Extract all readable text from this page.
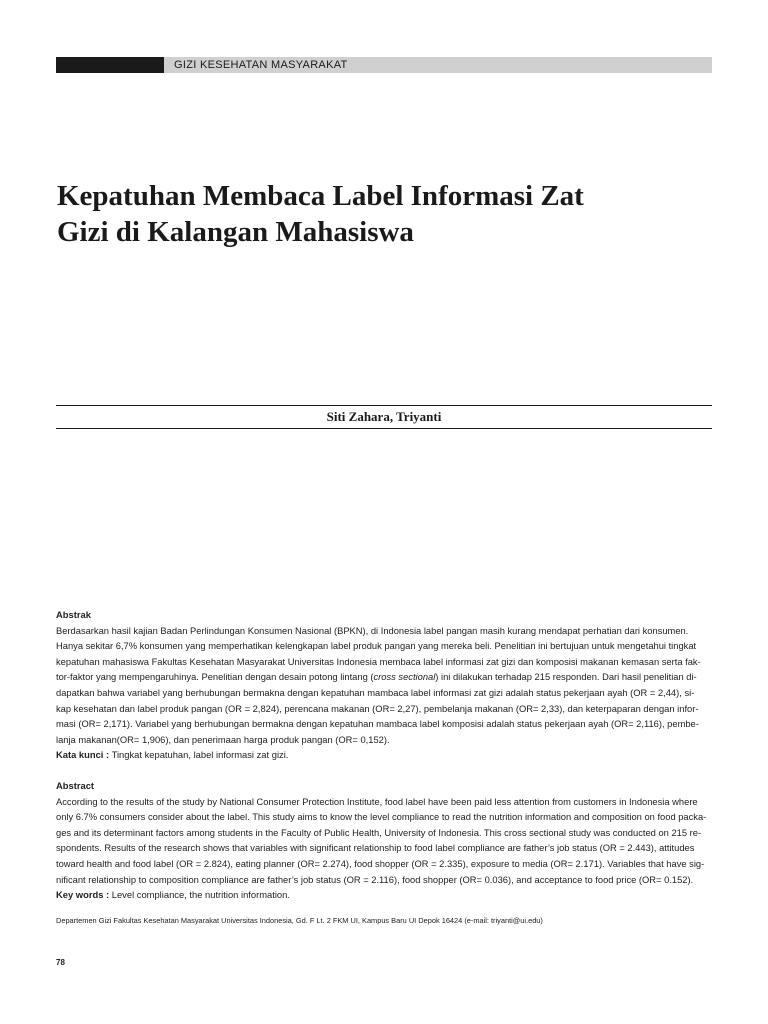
GIZI KESEHATAN MASYARAKAT
Kepatuhan Membaca Label Informasi Zat
Gizi di Kalangan Mahasiswa
Siti Zahara, Triyanti
Abstrak
Berdasarkan hasil kajian Badan Perlindungan Konsumen Nasional (BPKN), di Indonesia label pangan masih kurang mendapat perhatian dari konsumen.
Hanya sekitar 6,7% konsumen yang memperhatikan kelengkapan label produk pangan yang mereka beli. Penelitian ini bertujuan untuk mengetahui tingkat
kepatuhan mahasiswa Fakultas Kesehatan Masyarakat Universitas Indonesia membaca label informasi zat gizi dan komposisi makanan kemasan serta fak-
tor-faktor yang mempengaruhinya. Penelitian dengan desain potong lintang (cross sectional) ini dilakukan terhadap 215 responden. Dari hasil penelitian di-
dapatkan bahwa variabel yang berhubungan bermakna dengan kepatuhan mambaca label informasi zat gizi adalah status pekerjaan ayah (OR = 2,44), si-
kap kesehatan dan label produk pangan (OR = 2,824), perencana makanan (OR= 2,27), pembelanja makanan (OR= 2,33), dan keterpaparan dengan infor-
masi (OR= 2,171). Variabel yang berhubungan bermakna dengan kepatuhan mambaca label komposisi adalah status pekerjaan ayah (OR= 2,116), pembe-
lanja makanan(OR= 1,906), dan penerimaan harga produk pangan (OR= 0,152).
Kata kunci : Tingkat kepatuhan, label informasi zat gizi.
Abstract
According to the results of the study by National Consumer Protection Institute, food label have been paid less attention from customers in Indonesia where
only 6.7% consumers consider about the label. This study aims to know the level compliance to read the nutrition information and composition on food packa-
ges and its determinant factors among students in the Faculty of Public Health, University of Indonesia. This cross sectional study was conducted on 215 re-
spondents. Results of the research shows that variables with significant relationship to food label compliance are father’s job status (OR = 2.443), attitudes
toward health and food label (OR = 2.824), eating planner (OR= 2.274), food shopper (OR = 2.335), exposure to media (OR= 2.171). Variables that have sig-
nificant relationship to composition compliance are father’s job status (OR = 2.116), food shopper (OR= 0.036), and acceptance to food price (OR= 0.152).
Key words : Level compliance, the nutrition information.
Departemen Gizi Fakultas Kesehatan Masyarakat Universitas Indonesia, Gd. F Lt. 2 FKM UI, Kampus Baru UI Depok 16424 (e-mail: triyanti@ui.edu)
78
